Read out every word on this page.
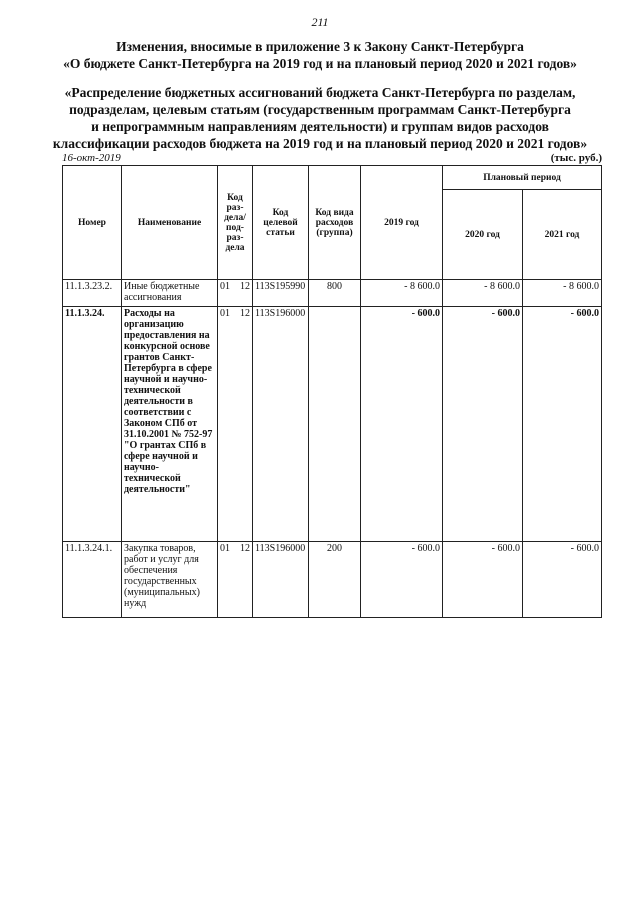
211
Изменения, вносимые в приложение 3 к Закону Санкт-Петербурга
«О бюджете Санкт-Петербурга на 2019 год и на плановый период 2020 и 2021 годов»
«Распределение бюджетных ассигнований бюджета Санкт-Петербурга по разделам,
подразделам, целевым статьям (государственным программам Санкт-Петербурга
и непрограммным направлениям деятельности) и группам видов расходов
классификации расходов бюджета на 2019 год и на плановый период 2020 и 2021 годов»
16-окт-2019	(тыс. руб.)
Номер	Наименование	Код раз-дела/ под-раз-дела	Код целевой статьи	Код вида расходов (группа)	2019 год	Плановый период	
						2020 год	2021 год
11.1.3.23.2.	Иные бюджетные ассигнования	01 12	113S195990	800	- 8 600.0	- 8 600.0	- 8 600.0
11.1.3.24.	Расходы на организацию предоставления на конкурсной основе грантов Санкт-Петербурга в сфере научной и научно-технической деятельности в соответствии с Законом СПб от 31.10.2001 № 752-97 "О грантах СПб в сфере научной и научно-технической деятельности"	01 12	113S196000		- 600.0	- 600.0	- 600.0
11.1.3.24.1.	Закупка товаров, работ и услуг для обеспечения государственных (муниципальных) нужд	01 12	113S196000	200	- 600.0	- 600.0	- 600.0
